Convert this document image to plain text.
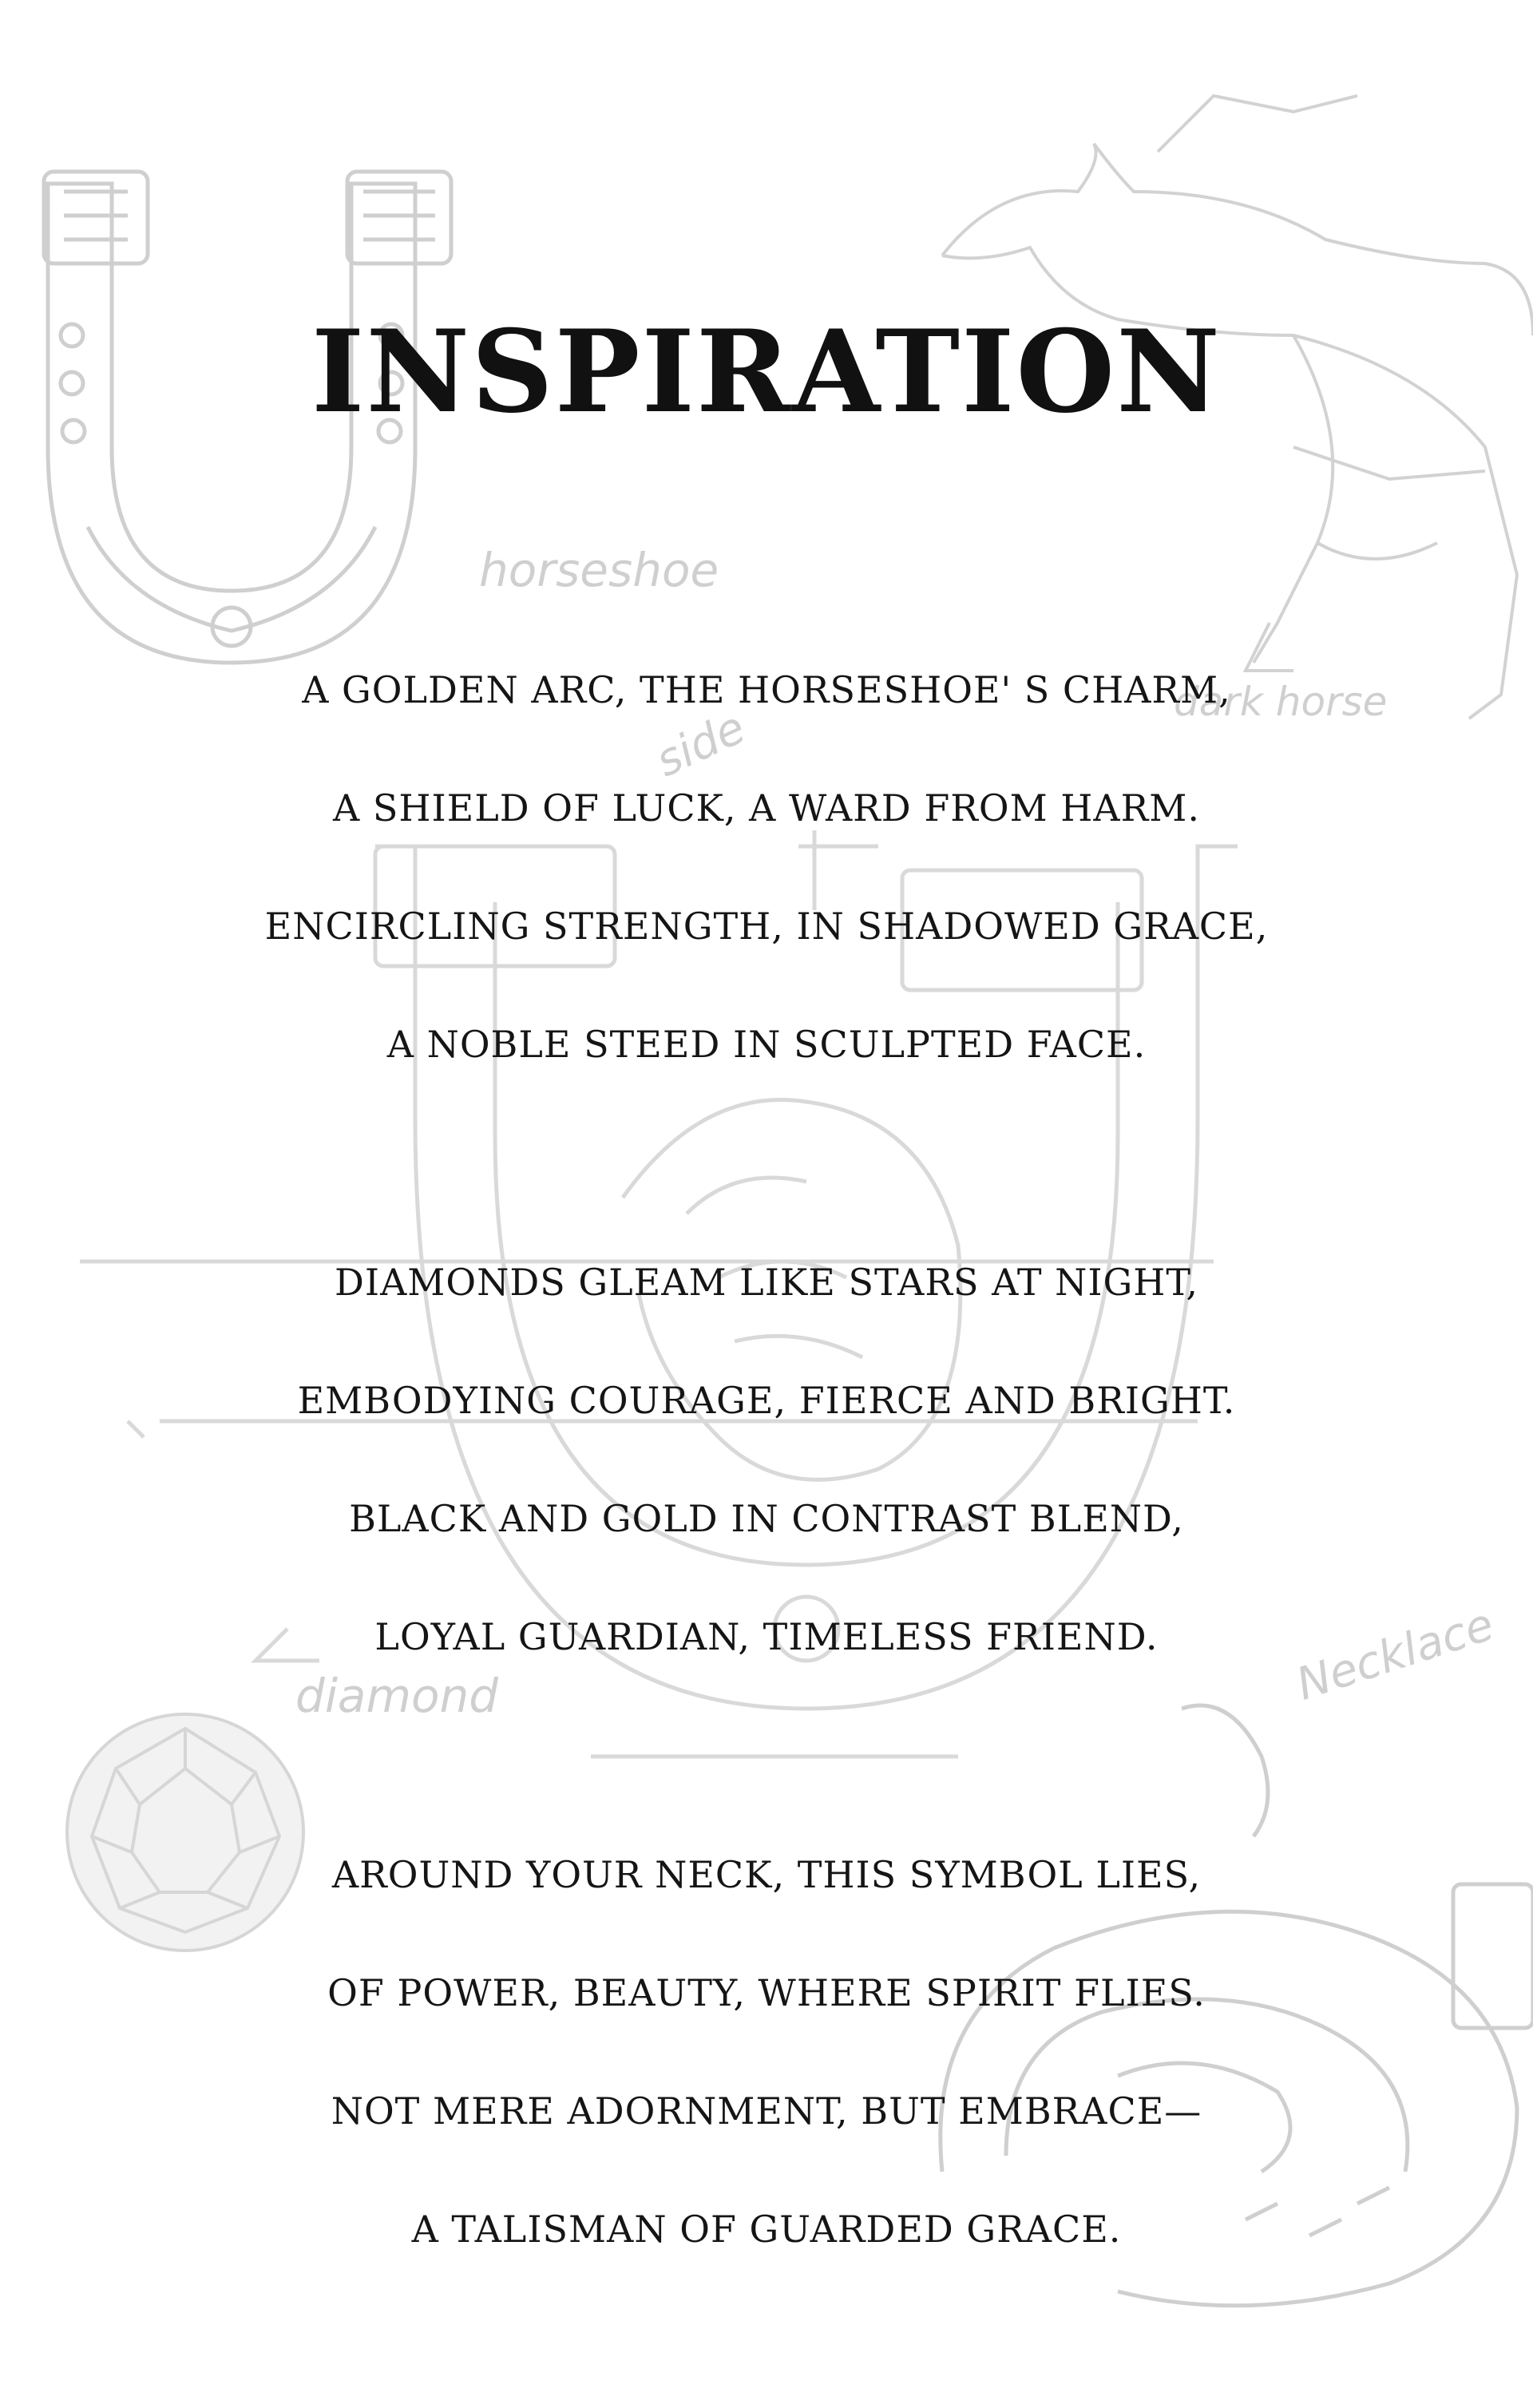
horseshoe
dark horse
side
diamond	Necklace
INSPIRATION
A GOLDEN ARC, THE HORSESHOE' S CHARM,
A SHIELD OF LUCK, A WARD FROM HARM.
ENCIRCLING STRENGTH, IN SHADOWED GRACE,
A NOBLE STEED IN SCULPTED FACE.
DIAMONDS GLEAM LIKE STARS AT NIGHT,
EMBODYING COURAGE, FIERCE AND BRIGHT.
BLACK AND GOLD IN CONTRAST BLEND,
LOYAL GUARDIAN, TIMELESS FRIEND.
AROUND YOUR NECK, THIS SYMBOL LIES,
OF POWER, BEAUTY, WHERE SPIRIT FLIES.
NOT MERE ADORNMENT, BUT EMBRACE—
A TALISMAN OF GUARDED GRACE.
